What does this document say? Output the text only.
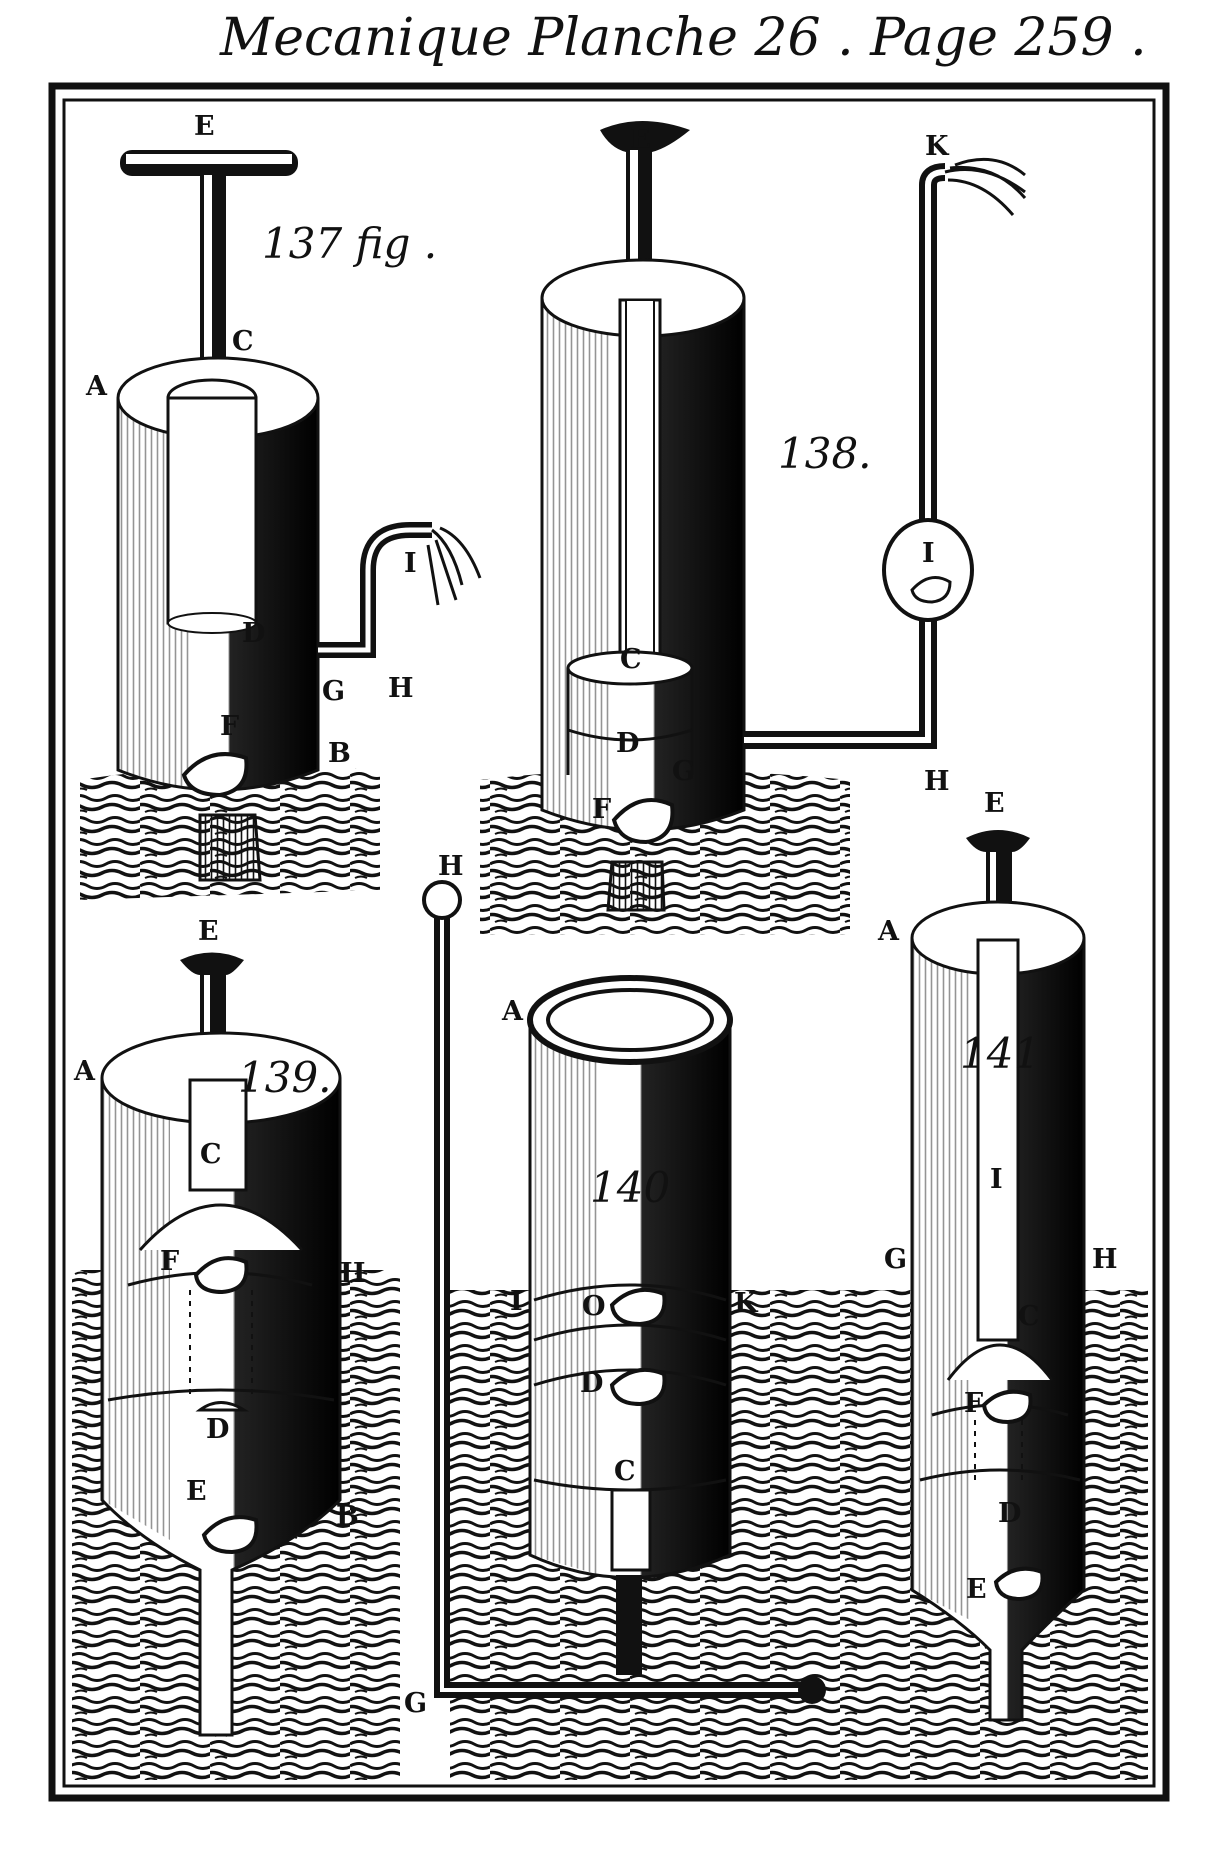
Mecanique Planche 26 . Page 259 .
137 fig .
E
C
A
D
G H
I
F
B
138.
E	K
I
C
D
G
F
H
139.
E
A
C
F	H
D
E
B
140
H
A
I O	K
D
C
G
141
E
A
I
G	H
C
F
D
E
